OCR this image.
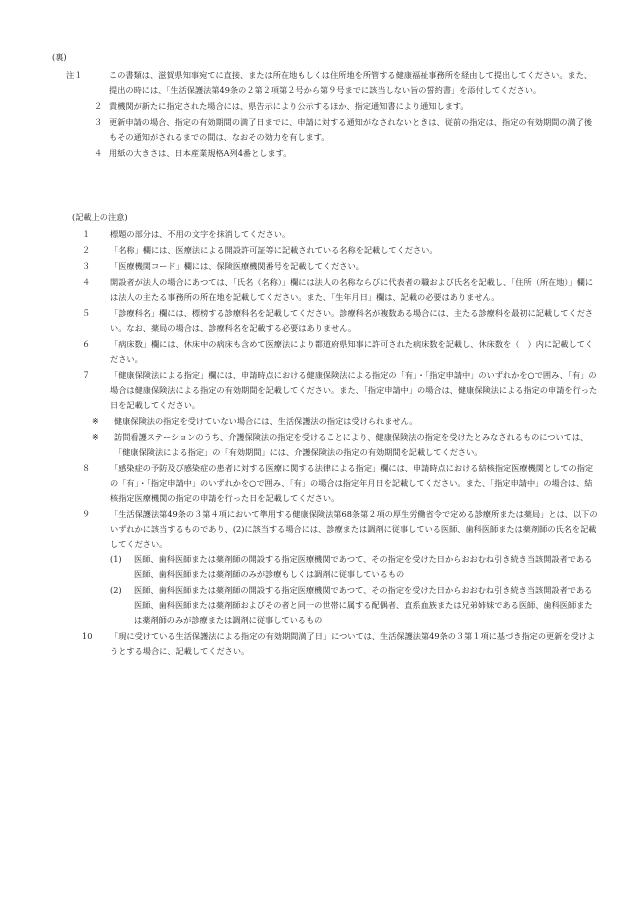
(裏)
注１	この書類は、滋賀県知事宛てに直接、または所在地もしくは住所地を所管する健康福祉事務所を経由して提出してください。また、提出の時には、「生活保護法第49条の２第２項第２号から第９号までに該当しない旨の誓約書」を添付してください。
２ 貴機関が新たに指定された場合には、県告示により公示するほか、指定通知書により通知します。
３ 更新申請の場合、指定の有効期間の満了日までに、申請に対する通知がなされないときは、従前の指定は、指定の有効期間の満了後もその通知がされるまでの間は、なおその効力を有します。
４ 用紙の大きさは、日本産業規格A列4番とします。
(記載上の注意)
１ 標題の部分は、不用の文字を抹消してください。
２ 「名称」欄には、医療法による開設許可証等に記載されている名称を記載してください。
３ 「医療機関コード」欄には、保険医療機関番号を記載してください。
４ 開設者が法人の場合にあつては、「氏名（名称）」欄には法人の名称ならびに代表者の職および氏名を記載し、「住所（所在地）」欄には法人の主たる事務所の所在地を記載してください。また、「生年月日」欄は、記載の必要はありません。
５ 「診療科名」欄には、標榜する診療科名を記載してください。診療科名が複数ある場合には、主たる診療科を最初に記載してください。なお、薬局の場合は、診療科名を記載する必要はありません。
６ 「病床数」欄には、休床中の病床も含めて医療法により都道府県知事に許可された病床数を記載し、休床数を（　）内に記載してください。
７ 「健康保険法による指定」欄には、申請時点における健康保険法による指定の「有」・「指定申請中」のいずれかを○で囲み、「有」の場合は健康保険法による指定の有効期間を記載してください。また、「指定申請中」の場合は、健康保険法による指定の申請を行った日を記載してください。
※ 健康保険法の指定を受けていない場合には、生活保護法の指定は受けられません。
※ 訪問看護ステーションのうち、介護保険法の指定を受けることにより、健康保険法の指定を受けたとみなされるものについては、「健康保険法による指定」の「有効期間」には、介護保険法の指定の有効期間を記載してください。
８ 「感染症の予防及び感染症の患者に対する医療に関する法律による指定」欄には、申請時点における結核指定医療機関としての指定の「有」・「指定申請中」のいずれかを○で囲み、「有」の場合は指定年月日を記載してください。また、「指定申請中」の場合は、結核指定医療機関の指定の申請を行った日を記載してください。
９ 「生活保護法第49条の３第４項において準用する健康保険法第68条第２項の厚生労働省令で定める診療所または薬局」とは、以下のいずれかに該当するものであり、(2)に該当する場合には、診療または調剤に従事している医師、歯科医師または薬剤師の氏名を記載してください。
(1) 医師、歯科医師または薬剤師の開設する指定医療機関であつて、その指定を受けた日からおおむね引き続き当該開設者である医師、歯科医師または薬剤師のみが診療もしくは調剤に従事しているもの
(2) 医師、歯科医師または薬剤師の開設する指定医療機関であつて、その指定を受けた日からおおむね引き続き当該開設者である医師、歯科医師または薬剤師およびその者と同一の世帯に属する配偶者、直系血族または兄弟姉妹である医師、歯科医師または薬剤師のみが診療または調剤に従事しているもの
10 「現に受けている生活保護法による指定の有効期間満了日」については、生活保護法第49条の３第１項に基づき指定の更新を受けようとする場合に、記載してください。
